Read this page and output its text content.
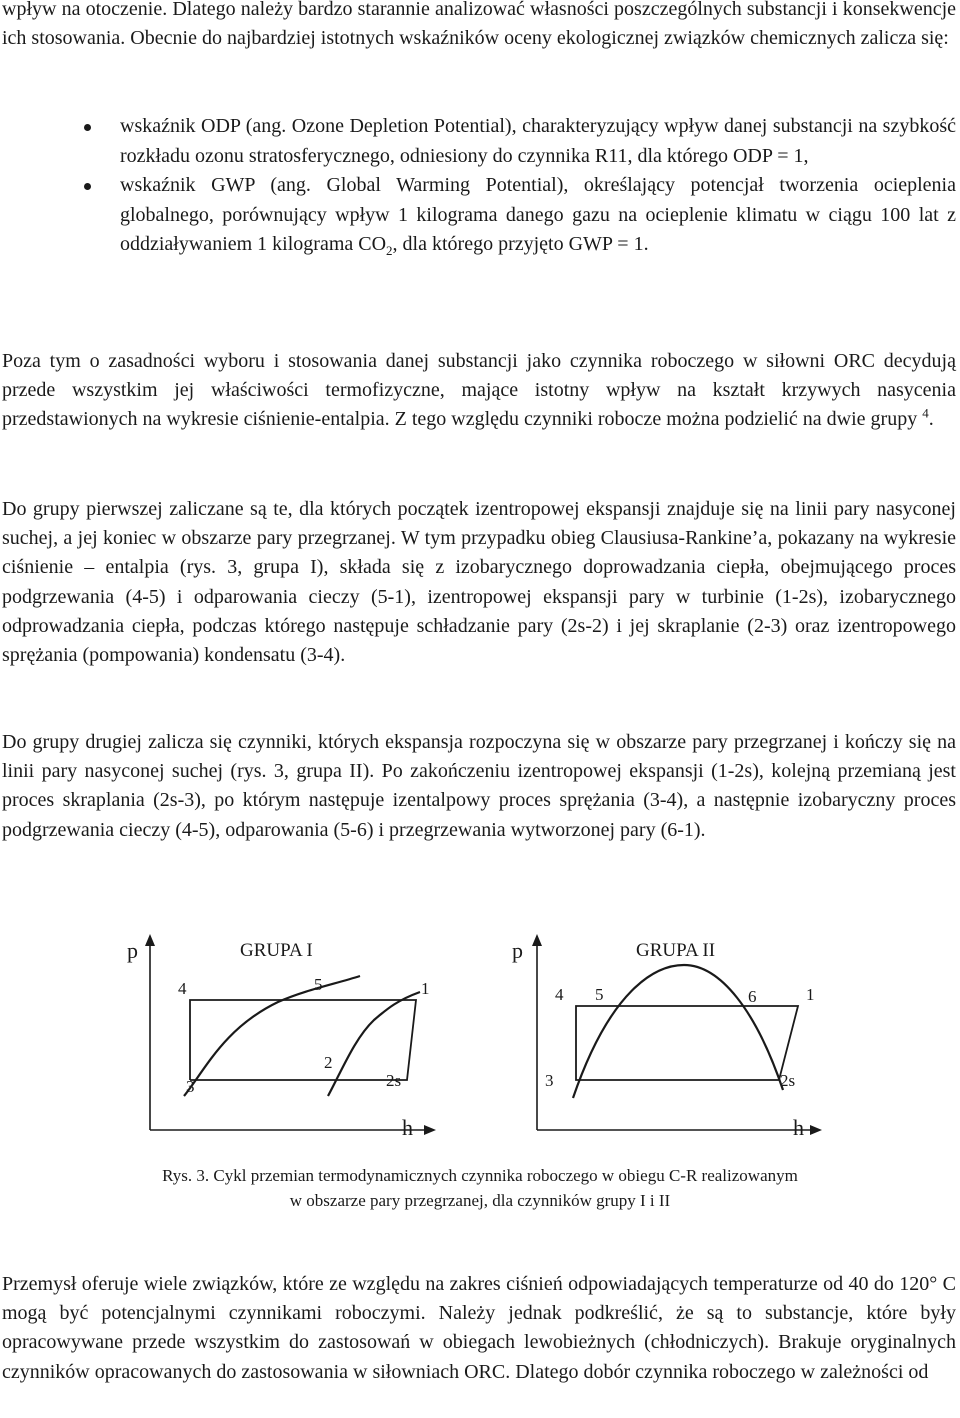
wpływ na otoczenie. Dlatego należy bardzo starannie analizować własności poszczególnych substancji i konsekwencje ich stosowania. Obecnie do najbardziej istotnych wskaźników oceny ekologicznej związków chemicznych zalicza się:

wskaźnik ODP (ang. Ozone Depletion Potential), charakteryzujący wpływ danej substancji na szybkość rozkładu ozonu stratosferycznego, odniesiony do czynnika R11, dla którego ODP = 1,
wskaźnik GWP (ang. Global Warming Potential), określający potencjał tworzenia ocieplenia globalnego, porównujący wpływ 1 kilograma danego gazu na ocieplenie klimatu w ciągu 100 lat z oddziaływaniem 1 kilograma $CO_2$, dla którego przyjęto GWP = 1.

Poza tym o zasadności wyboru i stosowania danej substancji jako czynnika roboczego w siłowni ORC decydują przede wszystkim jej właściwości termofizyczne, mające istotny wpływ na kształt krzywych nasycenia przedstawionych na wykresie ciśnienie-entalpia. Z tego względu czynniki robocze można podzielić na dwie grupy $^4$.

Do grupy pierwszej zaliczane są te, dla których początek izentropowej ekspansji znajduje się na linii pary nasyconej suchej, a jej koniec w obszarze pary przegrzanej. W tym przypadku obieg Clausiusa-Rankine’a, pokazany na wykresie ciśnienie – entalpia (rys. 3, grupa I), składa się z izobarycznego doprowadzania ciepła, obejmującego proces podgrzewania (4-5) i odparowania cieczy (5-1), izentropowej ekspansji pary w turbinie (1-2s), izobarycznego odprowadzania ciepła, podczas którego następuje schładzanie pary (2s-2) i jej skraplanie (2-3) oraz izentropowego sprężania (pompowania) kondensatu (3-4).

Do grupy drugiej zalicza się czynniki, których ekspansja rozpoczyna się w obszarze pary przegrzanej i kończy się na linii pary nasyconej suchej (rys. 3, grupa II). Po zakończeniu izentropowej ekspansji (1-2s), kolejną przemianą jest proces skraplania (2s-3), po którym następuje izentalpowy proces sprężania (3-4), a następnie izobaryczny proces podgrzewania cieczy (4-5), odparowania (5-6) i przegrzewania wytworzonej pary (6-1).

p
h
GRUPA I
4	5	1
3
2
2s
p
h
GRUPA II
4 5	6	1
3	2s

Rys. 3. Cykl przemian termodynamicznych czynnika roboczego w obiegu C-R realizowanym
w obszarze pary przegrzanej, dla czynników grupy I i II

Przemysł oferuje wiele związków, które ze względu na zakres ciśnień odpowiadających temperaturze od 40 do 120° C mogą być potencjalnymi czynnikami roboczymi. Należy jednak podkreślić, że są to substancje, które były opracowywane przede wszystkim do zastosowań w obiegach lewobieżnych (chłodniczych). Brakuje oryginalnych czynników opracowanych do zastosowania w siłowniach ORC. Dlatego dobór czynnika roboczego w zależności od
